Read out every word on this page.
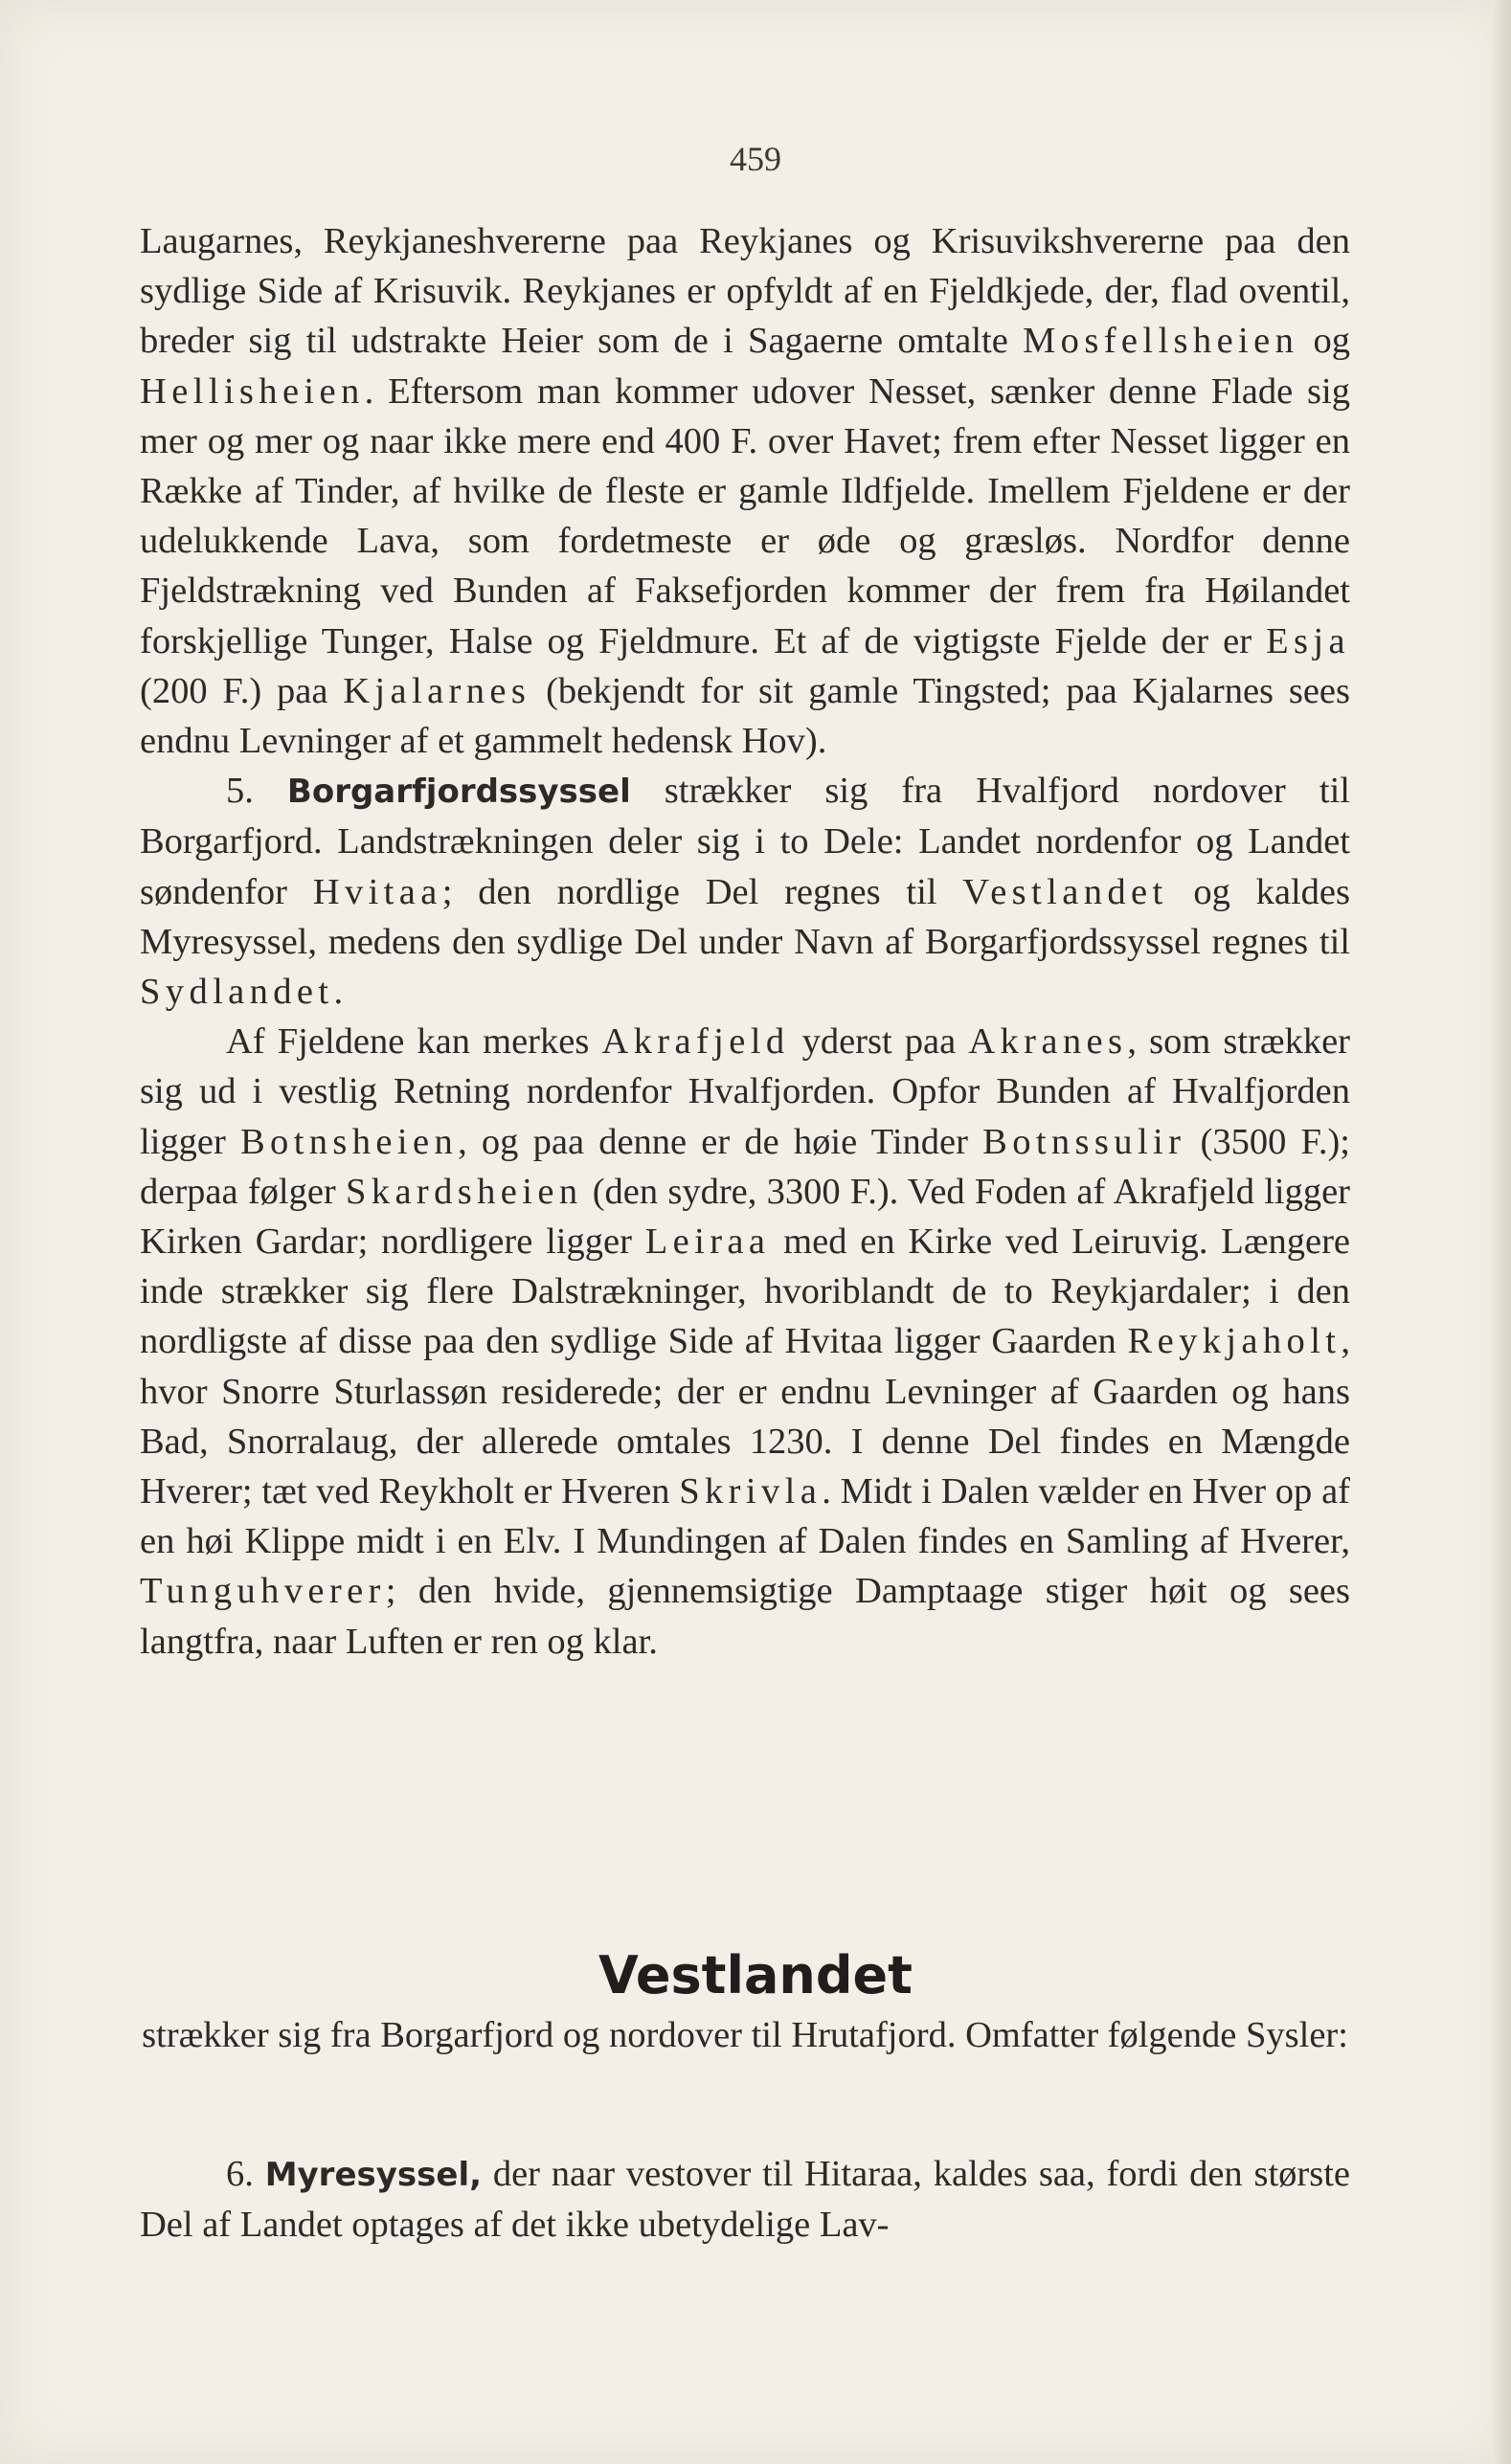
459

Laugarnes, Reykjaneshvererne paa Reykjanes og Krisuvikshvererne paa den sydlige Side af Krisuvik. Reykjanes er opfyldt af en Fjeldkjede, der, flad oventil, breder sig til udstrakte Heier som de i Sagaerne omtalte Mosfellsheien og Hellisheien. Eftersom man kommer udover Nesset, sænker denne Flade sig mer og mer og naar ikke mere end 400 F. over Havet; frem efter Nesset ligger en Række af Tinder, af hvilke de fleste er gamle Ildfjelde. Imellem Fjeldene er der udelukkende Lava, som fordetmeste er øde og græsløs. Nordfor denne Fjeldstrækning ved Bunden af Faksefjorden kommer der frem fra Høilandet forskjellige Tunger, Halse og Fjeldmure. Et af de vigtigste Fjelde der er Esja (200 F.) paa Kjalarnes (bekjendt for sit gamle Tingsted; paa Kjalarnes sees endnu Levninger af et gammelt hedensk Hov).

5. Borgarfjordssyssel strækker sig fra Hvalfjord nordover til Borgarfjord. Landstrækningen deler sig i to Dele: Landet nordenfor og Landet søndenfor Hvitaa; den nordlige Del regnes til Vestlandet og kaldes Myresyssel, medens den sydlige Del under Navn af Borgarfjordssyssel regnes til Sydlandet.

Af Fjeldene kan merkes Akrafjeld yderst paa Akranes, som strækker sig ud i vestlig Retning nordenfor Hvalfjorden. Opfor Bunden af Hvalfjorden ligger Botnsheien, og paa denne er de høie Tinder Botnssulir (3500 F.); derpaa følger Skardsheien (den sydre, 3300 F.). Ved Foden af Akrafjeld ligger Kirken Gardar; nordligere ligger Leiraa med en Kirke ved Leiruvig. Længere inde strækker sig flere Dalstrækninger, hvoriblandt de to Reykjardaler; i den nordligste af disse paa den sydlige Side af Hvitaa ligger Gaarden Reykjaholt, hvor Snorre Sturlassøn residerede; der er endnu Levninger af Gaarden og hans Bad, Snorralaug, der allerede omtales 1230. I denne Del findes en Mængde Hverer; tæt ved Reykholt er Hveren Skrivla. Midt i Dalen vælder en Hver op af en høi Klippe midt i en Elv. I Mundingen af Dalen findes en Samling af Hverer, Tunguhverer; den hvide, gjennemsigtige Damptaage stiger høit og sees langtfra, naar Luften er ren og klar.

Vestlandet

strækker sig fra Borgarfjord og nordover til Hrutafjord. Omfatter følgende Sysler:

6. Myresyssel, der naar vestover til Hitaraa, kaldes saa, fordi den største Del af Landet optages af det ikke ubetydelige Lav-
